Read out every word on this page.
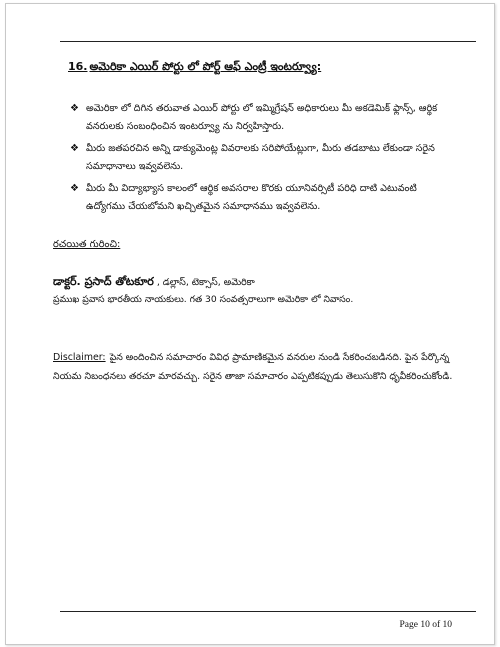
16. అమెరికా ఎయిర్ పోర్టు లో పోర్ట్ ఆఫ్ ఎంట్రీ ఇంటర్వ్యూ:
❖ అమెరికా లో దిగిన తరువాత ఎయిర్ పోర్టు లో ఇమ్మిగ్రేషన్ అధికారులు మీ అకడెమిక్ ఫ్లాన్స్, ఆర్థిక
వనరులకు సంబంధించిన ఇంటర్వ్యూ ను నిర్వహిస్తారు.
❖ మీరు జతపరచిన అన్ని డాక్యుమెంట్ల వివరాలకు సరిపోయేట్లుగా, మీరు తడబాటు లేకుండా సరైన
సమాధానాలు ఇవ్వవలెను.
❖ మీరు మీ విద్యాభ్యాస కాలంలో ఆర్థిక అవసరాల కొరకు యూనివర్సిటీ పరిధి దాటి ఎటువంటి
ఉద్యోగము చేయబోమని ఖచ్చితమైన సమాధానము ఇవ్వవలెను.
రచయిత గురించి:
డాక్టర్. ప్రసాద్ తోటకూర , డల్లాస్, టెక్సాస్, అమెరికా
ప్రముఖ ప్రవాస భారతీయ నాయకులు. గత 30 సంవత్సరాలుగా అమెరికా లో నివాసం.
Disclaimer: పైన అందించిన సమాచారం వివిధ ప్రామాణికమైన వనరుల నుండి సేకరించబడినది. పైన పేర్కొన్న
నియమ నిబంధనలు తరచూ మారవచ్చు. సరైన తాజా సమాచారం ఎప్పటికప్పుడు తెలుసుకొని ధృవీకరించుకోండి.
Page 10 of 10
